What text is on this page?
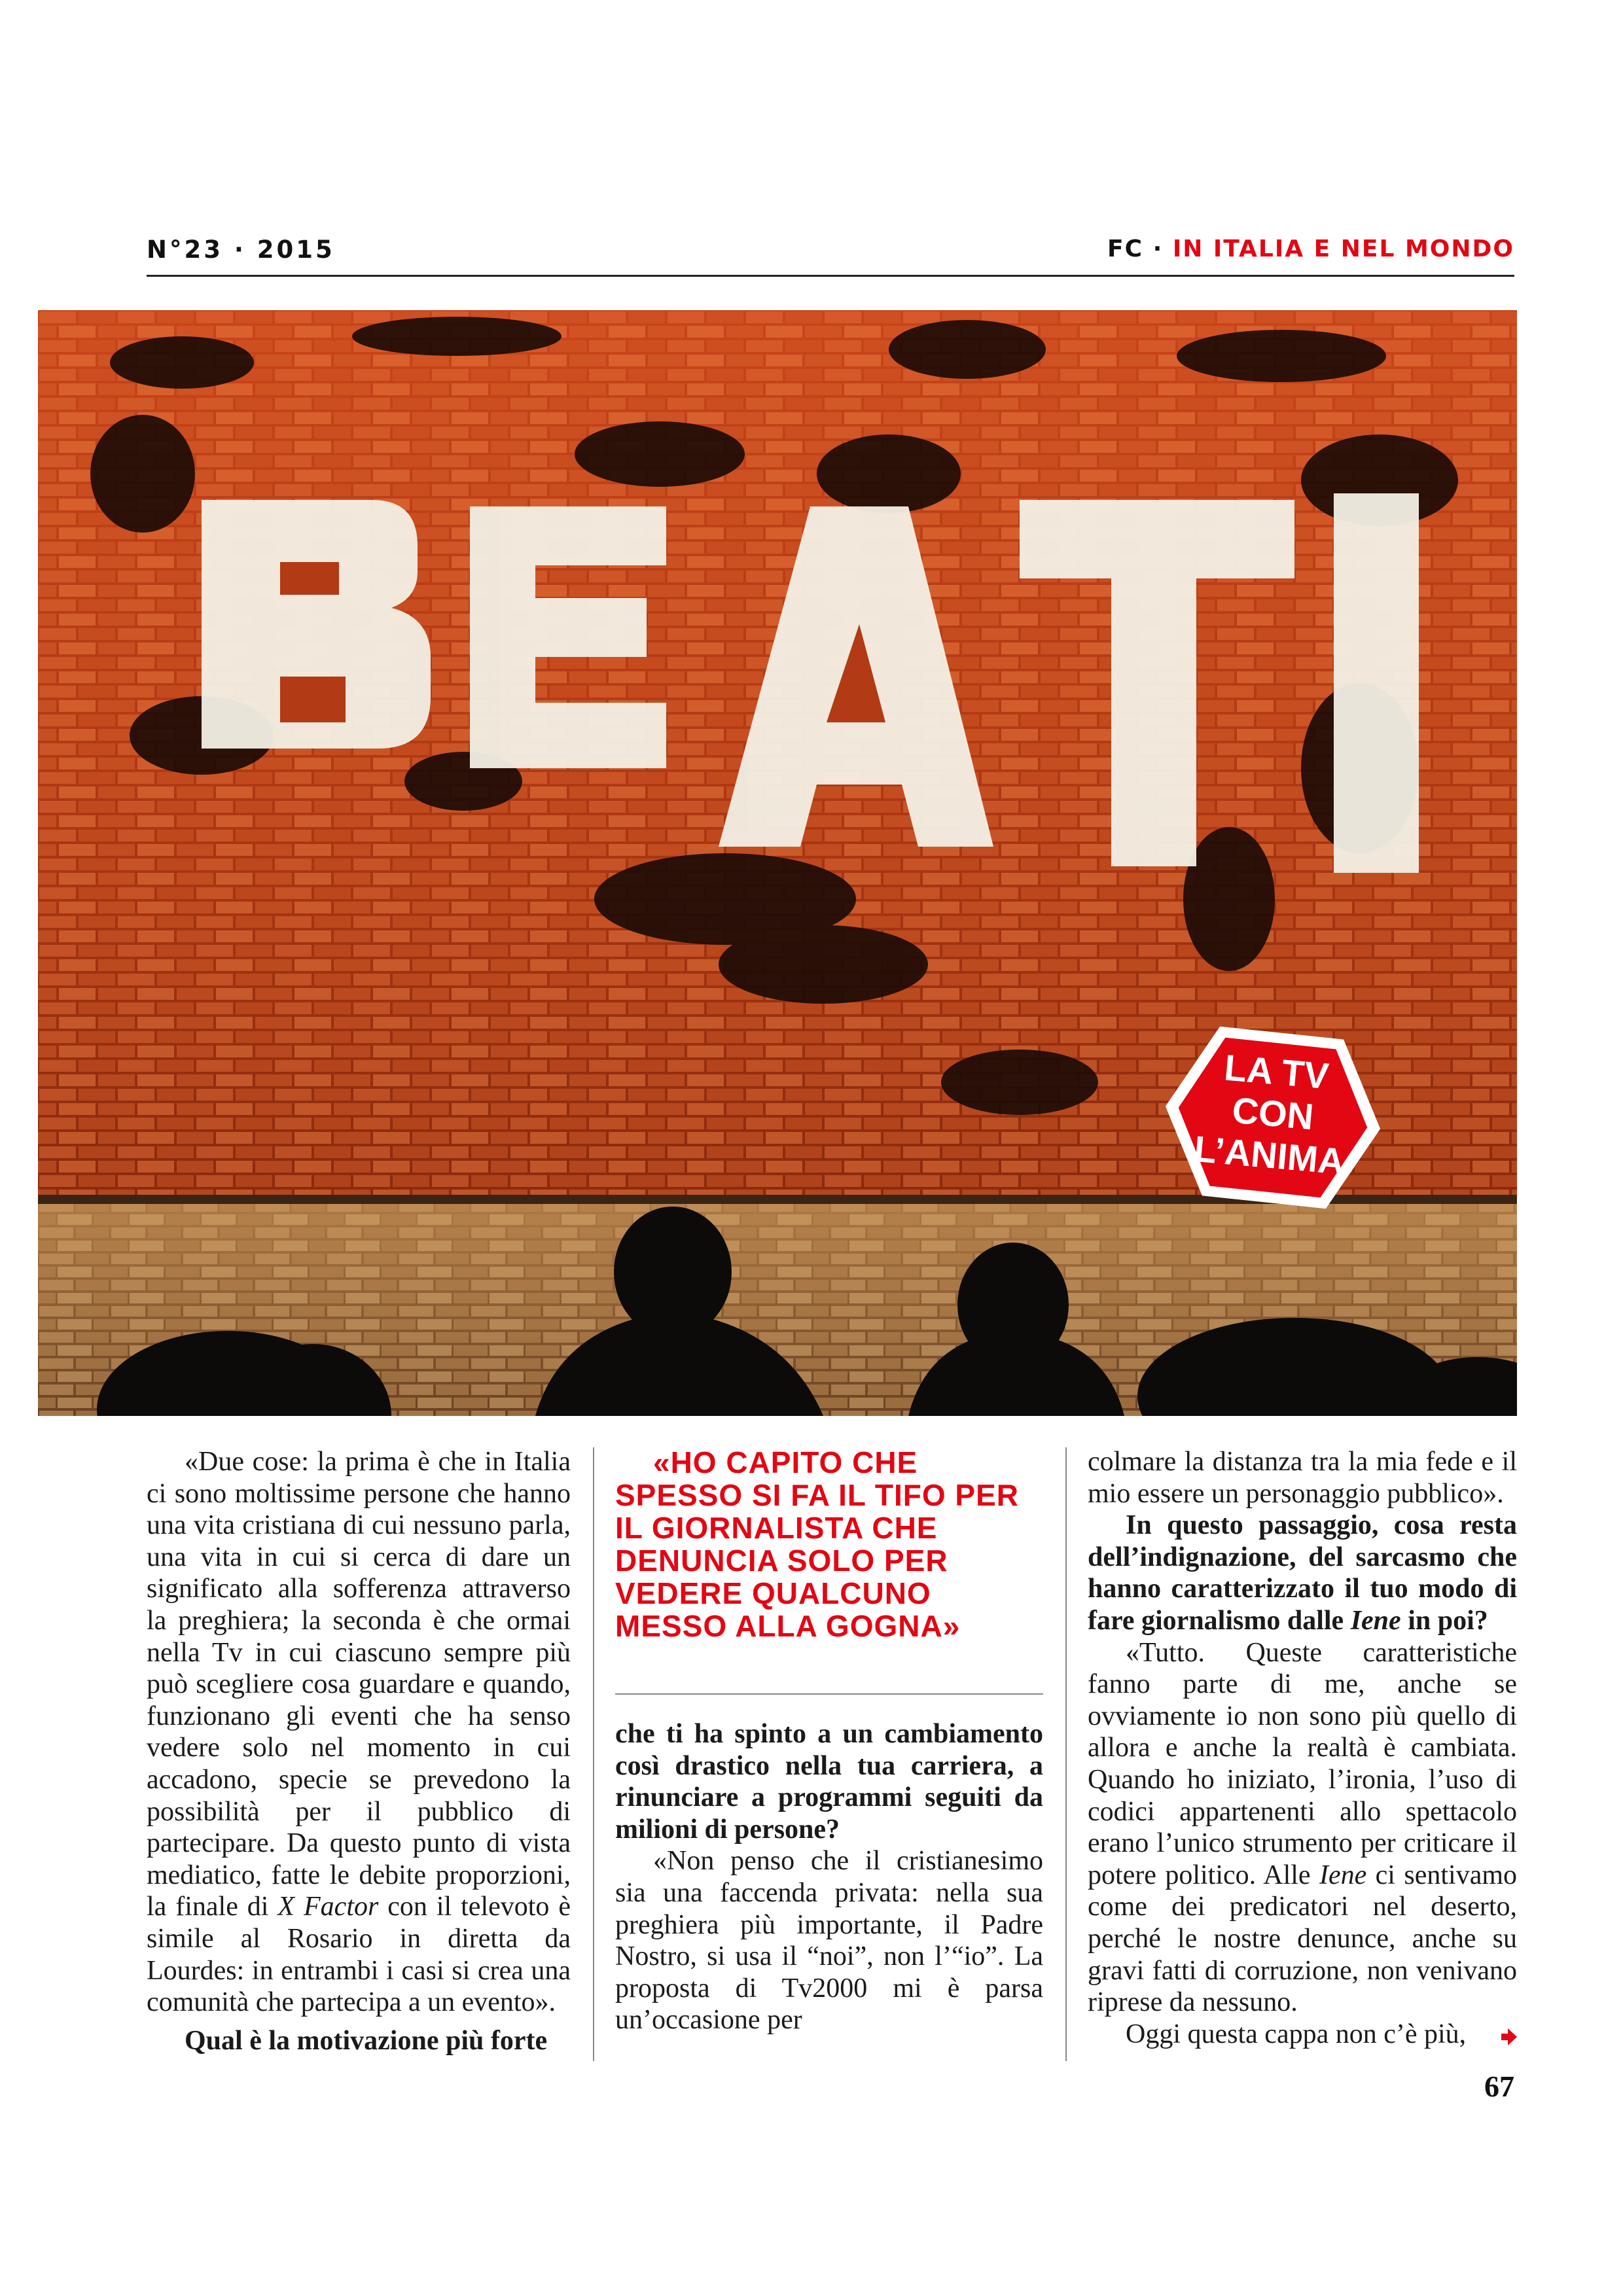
N°23 · 2015	FC · IN ITALIA E NEL MONDO
LA TV
CON
L’ANIMA

«Due cose: la prima è che in Italia ci sono moltissime persone che hanno una vita cristiana di cui nessuno parla, una vita in cui si cerca di dare un significato alla sofferenza attraverso la preghiera; la seconda è che ormai nella Tv in cui ciascuno sempre più può scegliere cosa guardare e quando, funzionano gli eventi che ha senso vedere solo nel momento in cui accadono, specie se prevedono la possibilità per il pubblico di partecipare. Da questo punto di vista mediatico, fatte le debite proporzioni, la finale di X Factor con il televoto è simile al Rosario in diretta da Lourdes: in entrambi i casi si crea una comunità che partecipa a un evento».

Qual è la motivazione più forte

«HO CAPITO CHE SPESSO SI FA IL TIFO PER IL GIORNALISTA CHE DENUNCIA SOLO PER VEDERE QUALCUNO MESSO ALLA GOGNA»

che ti ha spinto a un cambiamento così drastico nella tua carriera, a rinunciare a programmi seguiti da milioni di persone?

«Non penso che il cristianesimo sia una faccenda privata: nella sua preghiera più importante, il Padre Nostro, si usa il “noi”, non l’“io”. La proposta di Tv2000 mi è parsa un’occasione per

colmare la distanza tra la mia fede e il mio essere un personaggio pubblico».

In questo passaggio, cosa resta dell’indignazione, del sarcasmo che hanno caratterizzato il tuo modo di fare giornalismo dalle Iene in poi?

«Tutto. Queste caratteristiche fanno parte di me, anche se ovviamente io non sono più quello di allora e anche la realtà è cambiata. Quando ho iniziato, l’ironia, l’uso di codici appartenenti allo spettacolo erano l’unico strumento per criticare il potere politico. Alle Iene ci sentivamo come dei predicatori nel deserto, perché le nostre denunce, anche su gravi fatti di corruzione, non venivano riprese da nessuno.

Oggi questa cappa non c’è più,

67
